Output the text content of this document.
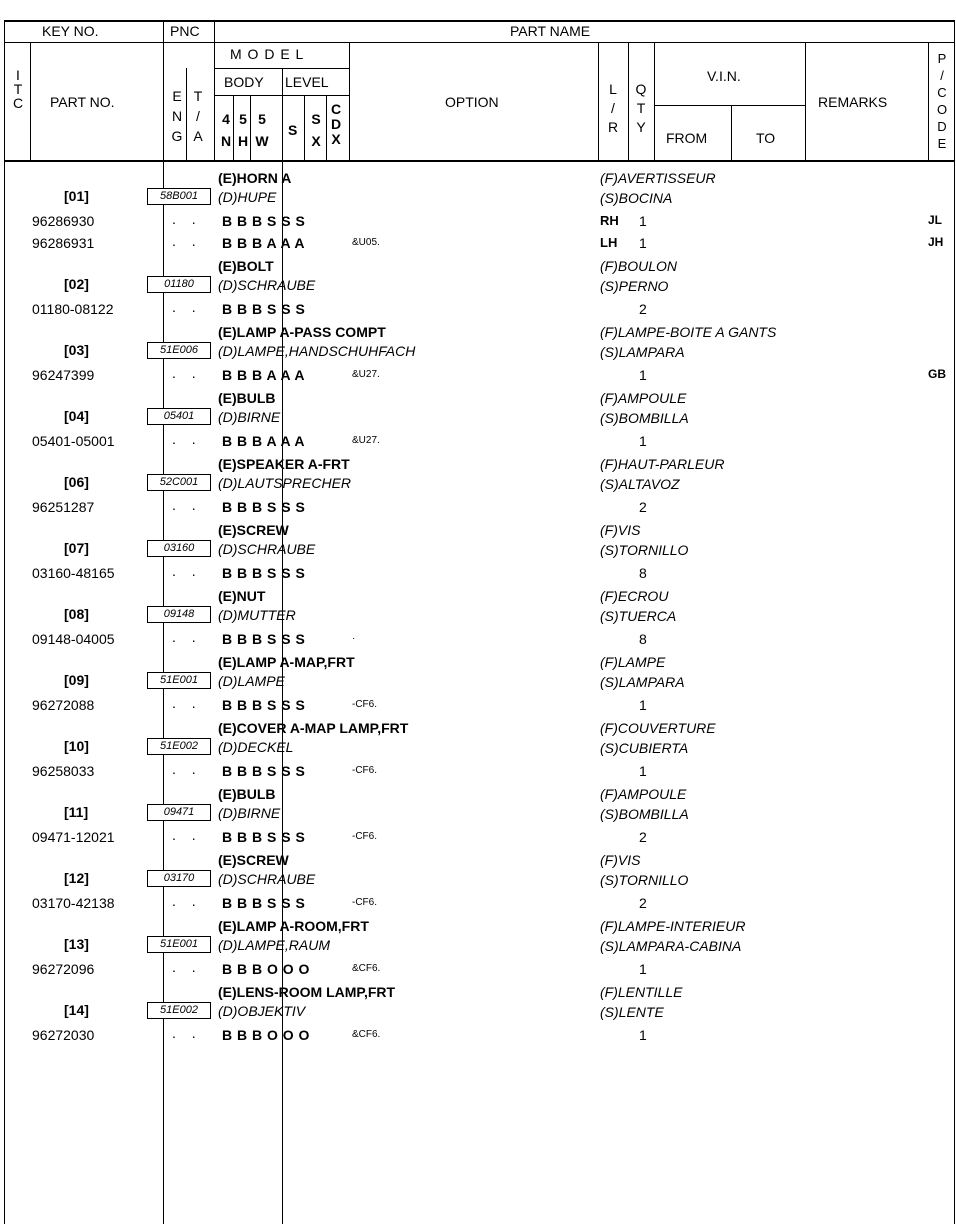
KEY NO.	PNC	PART NAME
I
T
C PART NO.
M O D E L
E
N
G
T
/
A
BODY LEVEL
4
N
5
H
5
W
S
SX
CDX
OPTION
L
/
R
Q
T
Y
V.I.N.
FROM	TO
REMARKS
P
/
C
O
D
E
(E)HORN A	(F)AVERTISSEUR
(D)HUPE	(S)BOCINA
[01]	58B001
96286930	. . B B B S S S	RH 1	JL
96286931	. . B B B A A A	&U05.	LH 1	JH
(E)BOLT	(F)BOULON
(D)SCHRAUBE	(S)PERNO
[02]	01180
01180-08122	. . B B B S S S	2
(E)LAMP A-PASS COMPT	(F)LAMPE-BOITE A GANTS
(D)LAMPE,HANDSCHUHFACH	(S)LAMPARA
[03]	51E006
96247399	. . B B B A A A	&U27.	1	GB
(E)BULB	(F)AMPOULE
(D)BIRNE	(S)BOMBILLA
[04]	05401
05401-05001	. . B B B A A A	&U27.	1
(E)SPEAKER A-FRT	(F)HAUT-PARLEUR
(D)LAUTSPRECHER	(S)ALTAVOZ
[06]	52C001
96251287	. . B B B S S S	2
(E)SCREW	(F)VIS
(D)SCHRAUBE	(S)TORNILLO
[07]	03160
03160-48165	. . B B B S S S	8
(E)NUT	(F)ECROU
(D)MUTTER	(S)TUERCA
[08]	09148
09148-04005	. . B B B S S S	·	8
(E)LAMP A-MAP,FRT	(F)LAMPE
(D)LAMPE	(S)LAMPARA
[09]	51E001
96272088	. . B B B S S S	-CF6.	1
(E)COVER A-MAP LAMP,FRT	(F)COUVERTURE
(D)DECKEL	(S)CUBIERTA
[10]	51E002
96258033	. . B B B S S S	-CF6.	1
(E)BULB	(F)AMPOULE
(D)BIRNE	(S)BOMBILLA
[11]	09471
09471-12021	. . B B B S S S	-CF6.	2
(E)SCREW	(F)VIS
(D)SCHRAUBE	(S)TORNILLO
[12]	03170
03170-42138	. . B B B S S S	-CF6.	2
(E)LAMP A-ROOM,FRT	(F)LAMPE-INTERIEUR
(D)LAMPE,RAUM	(S)LAMPARA-CABINA
[13]	51E001
96272096	. . B B B O O O	&CF6.	1
(E)LENS-ROOM LAMP,FRT	(F)LENTILLE
(D)OBJEKTIV	(S)LENTE
[14]	51E002
96272030	. . B B B O O O	&CF6.	1
